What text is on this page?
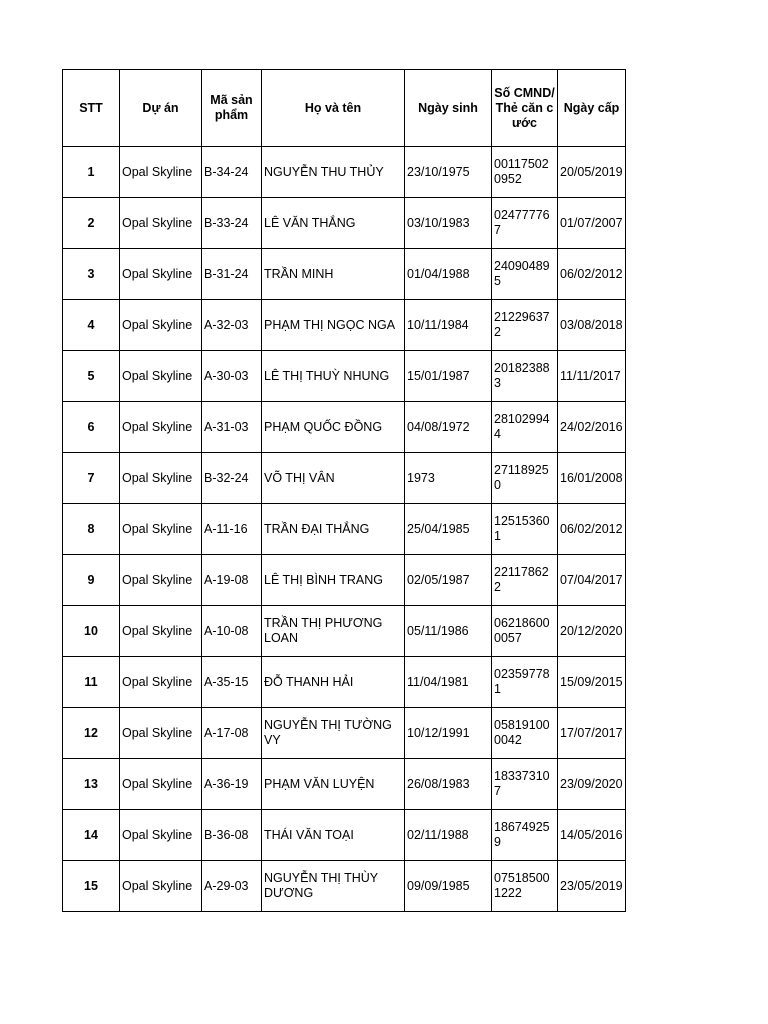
STT	Dự án	Mã sản phẩm	Họ và tên	Ngày sinh	Số CMND/Thẻ căn cước	Ngày cấp
1	Opal Skyline	B-34-24	NGUYỄN THU THỦY	23/10/1975	001175020952	20/05/2019
2	Opal Skyline	B-33-24	LÊ VĂN THẮNG	03/10/1983	024777767	01/07/2007
3	Opal Skyline	B-31-24	TRẦN MINH	01/04/1988	240904895	06/02/2012
4	Opal Skyline	A-32-03	PHẠM THỊ NGỌC NGA	10/11/1984	212296372	03/08/2018
5	Opal Skyline	A-30-03	LÊ THỊ THUỲ NHUNG	15/01/1987	201823883	11/11/2017
6	Opal Skyline	A-31-03	PHẠM QUỐC ĐỒNG	04/08/1972	281029944	24/02/2016
7	Opal Skyline	B-32-24	VÕ THỊ VÂN	1973	271189250	16/01/2008
8	Opal Skyline	A-11-16	TRẦN ĐẠI THẮNG	25/04/1985	125153601	06/02/2012
9	Opal Skyline	A-19-08	LÊ THỊ BÌNH TRANG	02/05/1987	221178622	07/04/2017
10	Opal Skyline	A-10-08	TRẦN THỊ PHƯƠNG LOAN	05/11/1986	062186000057	20/12/2020
11	Opal Skyline	A-35-15	ĐỖ THANH HẢI	11/04/1981	023597781	15/09/2015
12	Opal Skyline	A-17-08	NGUYỄN THỊ TƯỜNG VY	10/12/1991	058191000042	17/07/2017
13	Opal Skyline	A-36-19	PHẠM VĂN LUYỆN	26/08/1983	183373107	23/09/2020
14	Opal Skyline	B-36-08	THÁI VĂN TOẠI	02/11/1988	186749259	14/05/2016
15	Opal Skyline	A-29-03	NGUYỄN THỊ THÙY DƯƠNG	09/09/1985	075185001222	23/05/2019
